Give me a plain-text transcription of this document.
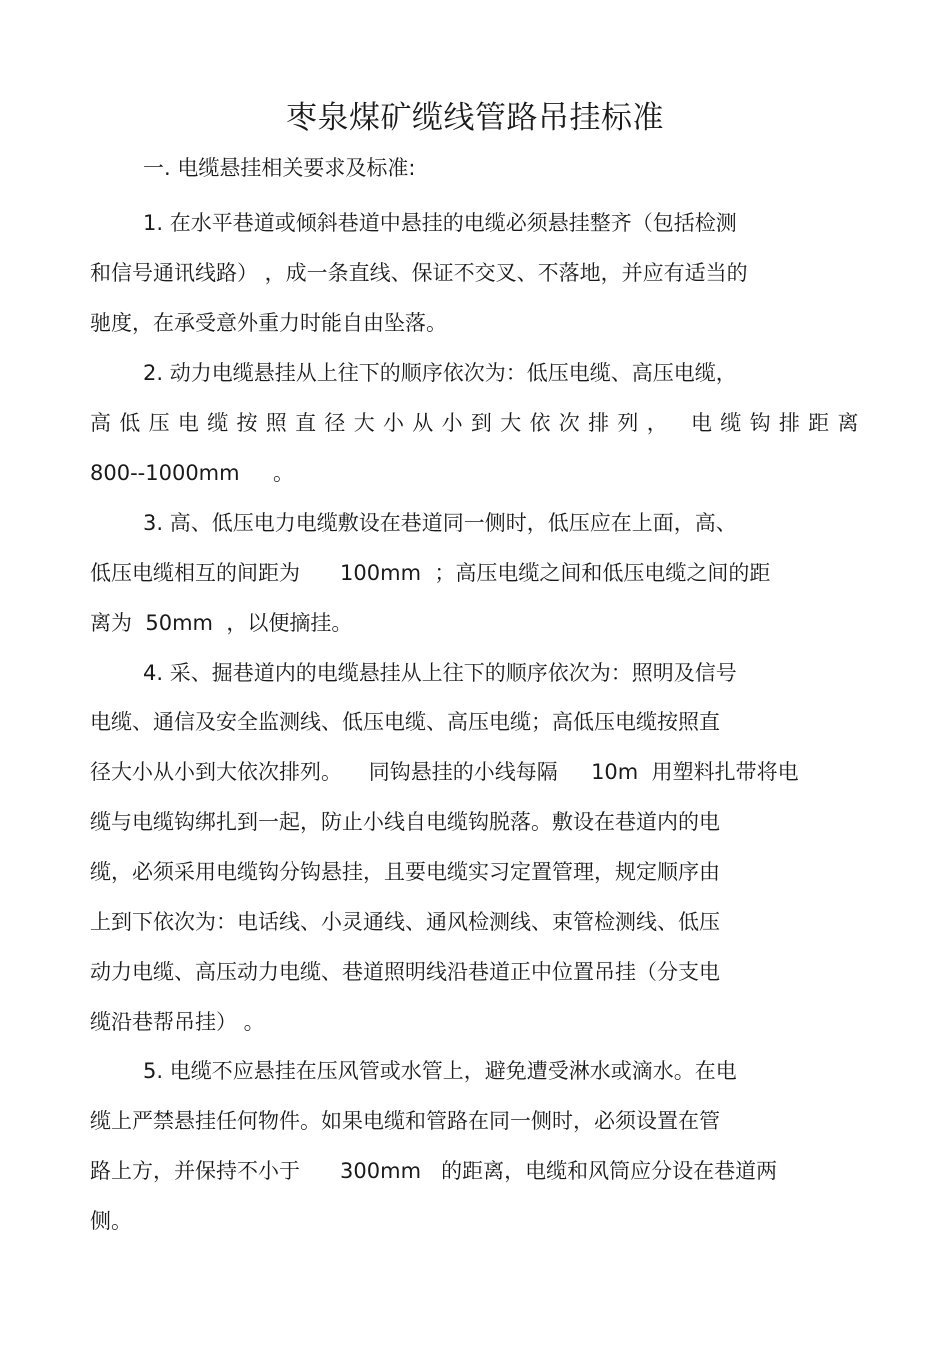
枣泉煤矿缆线管路吊挂标准
一. 电缆悬挂相关要求及标准:
1. 在水平巷道或倾斜巷道中悬挂的电缆必须悬挂整齐（包括检测
和信号通讯线路） ，成一条直线、保证不交叉、不落地，并应有适当的
驰度，在承受意外重力时能自由坠落。
2. 动力电缆悬挂从上往下的顺序依次为：低压电缆、高压电缆，
高低压电缆按照直径大小从小到大依次排列， 电缆钩排距离
800--1000mm     。
3. 高、低压电力电缆敷设在巷道同一侧时，低压应在上面，高、
低压电缆相互的间距为      100mm  ；高压电缆之间和低压电缆之间的距
离为  50mm  ，以便摘挂。
4. 采、掘巷道内的电缆悬挂从上往下的顺序依次为：照明及信号
电缆、通信及安全监测线、低压电缆、高压电缆；高低压电缆按照直
径大小从小到大依次排列。    同钩悬挂的小线每隔     10m  用塑料扎带将电
缆与电缆钩绑扎到一起，防止小线自电缆钩脱落。敷设在巷道内的电
缆，必须采用电缆钩分钩悬挂，且要电缆实习定置管理，规定顺序由
上到下依次为：电话线、小灵通线、通风检测线、束管检测线、低压
动力电缆、高压动力电缆、巷道照明线沿巷道正中位置吊挂（分支电
缆沿巷帮吊挂） 。
5. 电缆不应悬挂在压风管或水管上，避免遭受淋水或滴水。在电
缆上严禁悬挂任何物件。如果电缆和管路在同一侧时，必须设置在管
路上方，并保持不小于      300mm   的距离，电缆和风筒应分设在巷道两
侧。
